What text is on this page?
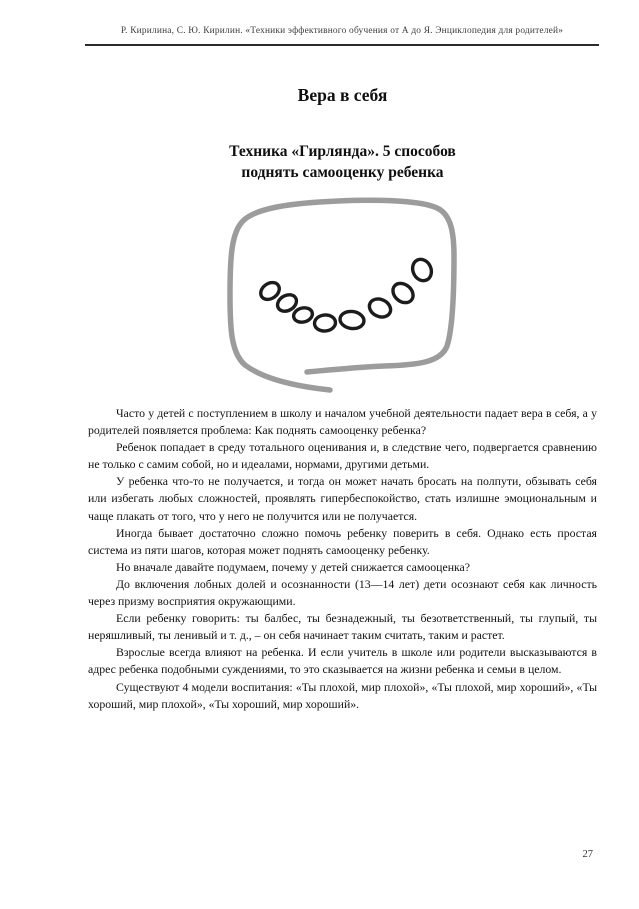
Р. Кирилина, С. Ю. Кирилин. «Техники эффективного обучения от А до Я. Энциклопедия для родителей»
Вера в себя
Техника «Гирлянда». 5 способов
поднять самооценку ребенка

Часто у детей с поступлением в школу и началом учебной деятельности падает вера в себя, а у родителей появляется проблема: Как поднять самооценку ребенка?

Ребенок попадает в среду тотального оценивания и, в следствие чего, подвергается сравнению не только с самим собой, но и идеалами, нормами, другими детьми.

У ребенка что-то не получается, и тогда он может начать бросать на полпути, обзывать себя или избегать любых сложностей, проявлять гипербеспокойство, стать излишне эмоциональным и чаще плакать от того, что у него не получится или не получается.

Иногда бывает достаточно сложно помочь ребенку поверить в себя. Однако есть простая система из пяти шагов, которая может поднять самооценку ребенку.

Но вначале давайте подумаем, почему у детей снижается самооценка?

До включения лобных долей и осознанности (13—14 лет) дети осознают себя как личность через призму восприятия окружающими.

Если ребенку говорить: ты балбес, ты безнадежный, ты безответственный, ты глупый, ты неряшливый, ты ленивый и т. д., – он себя начинает таким считать, таким и растет.

Взрослые всегда влияют на ребенка. И если учитель в школе или родители высказываются в адрес ребенка подобными суждениями, то это сказывается на жизни ребенка и семьи в целом.

Существуют 4 модели воспитания: «Ты плохой, мир плохой», «Ты плохой, мир хороший», «Ты хороший, мир плохой», «Ты хороший, мир хороший».

27
